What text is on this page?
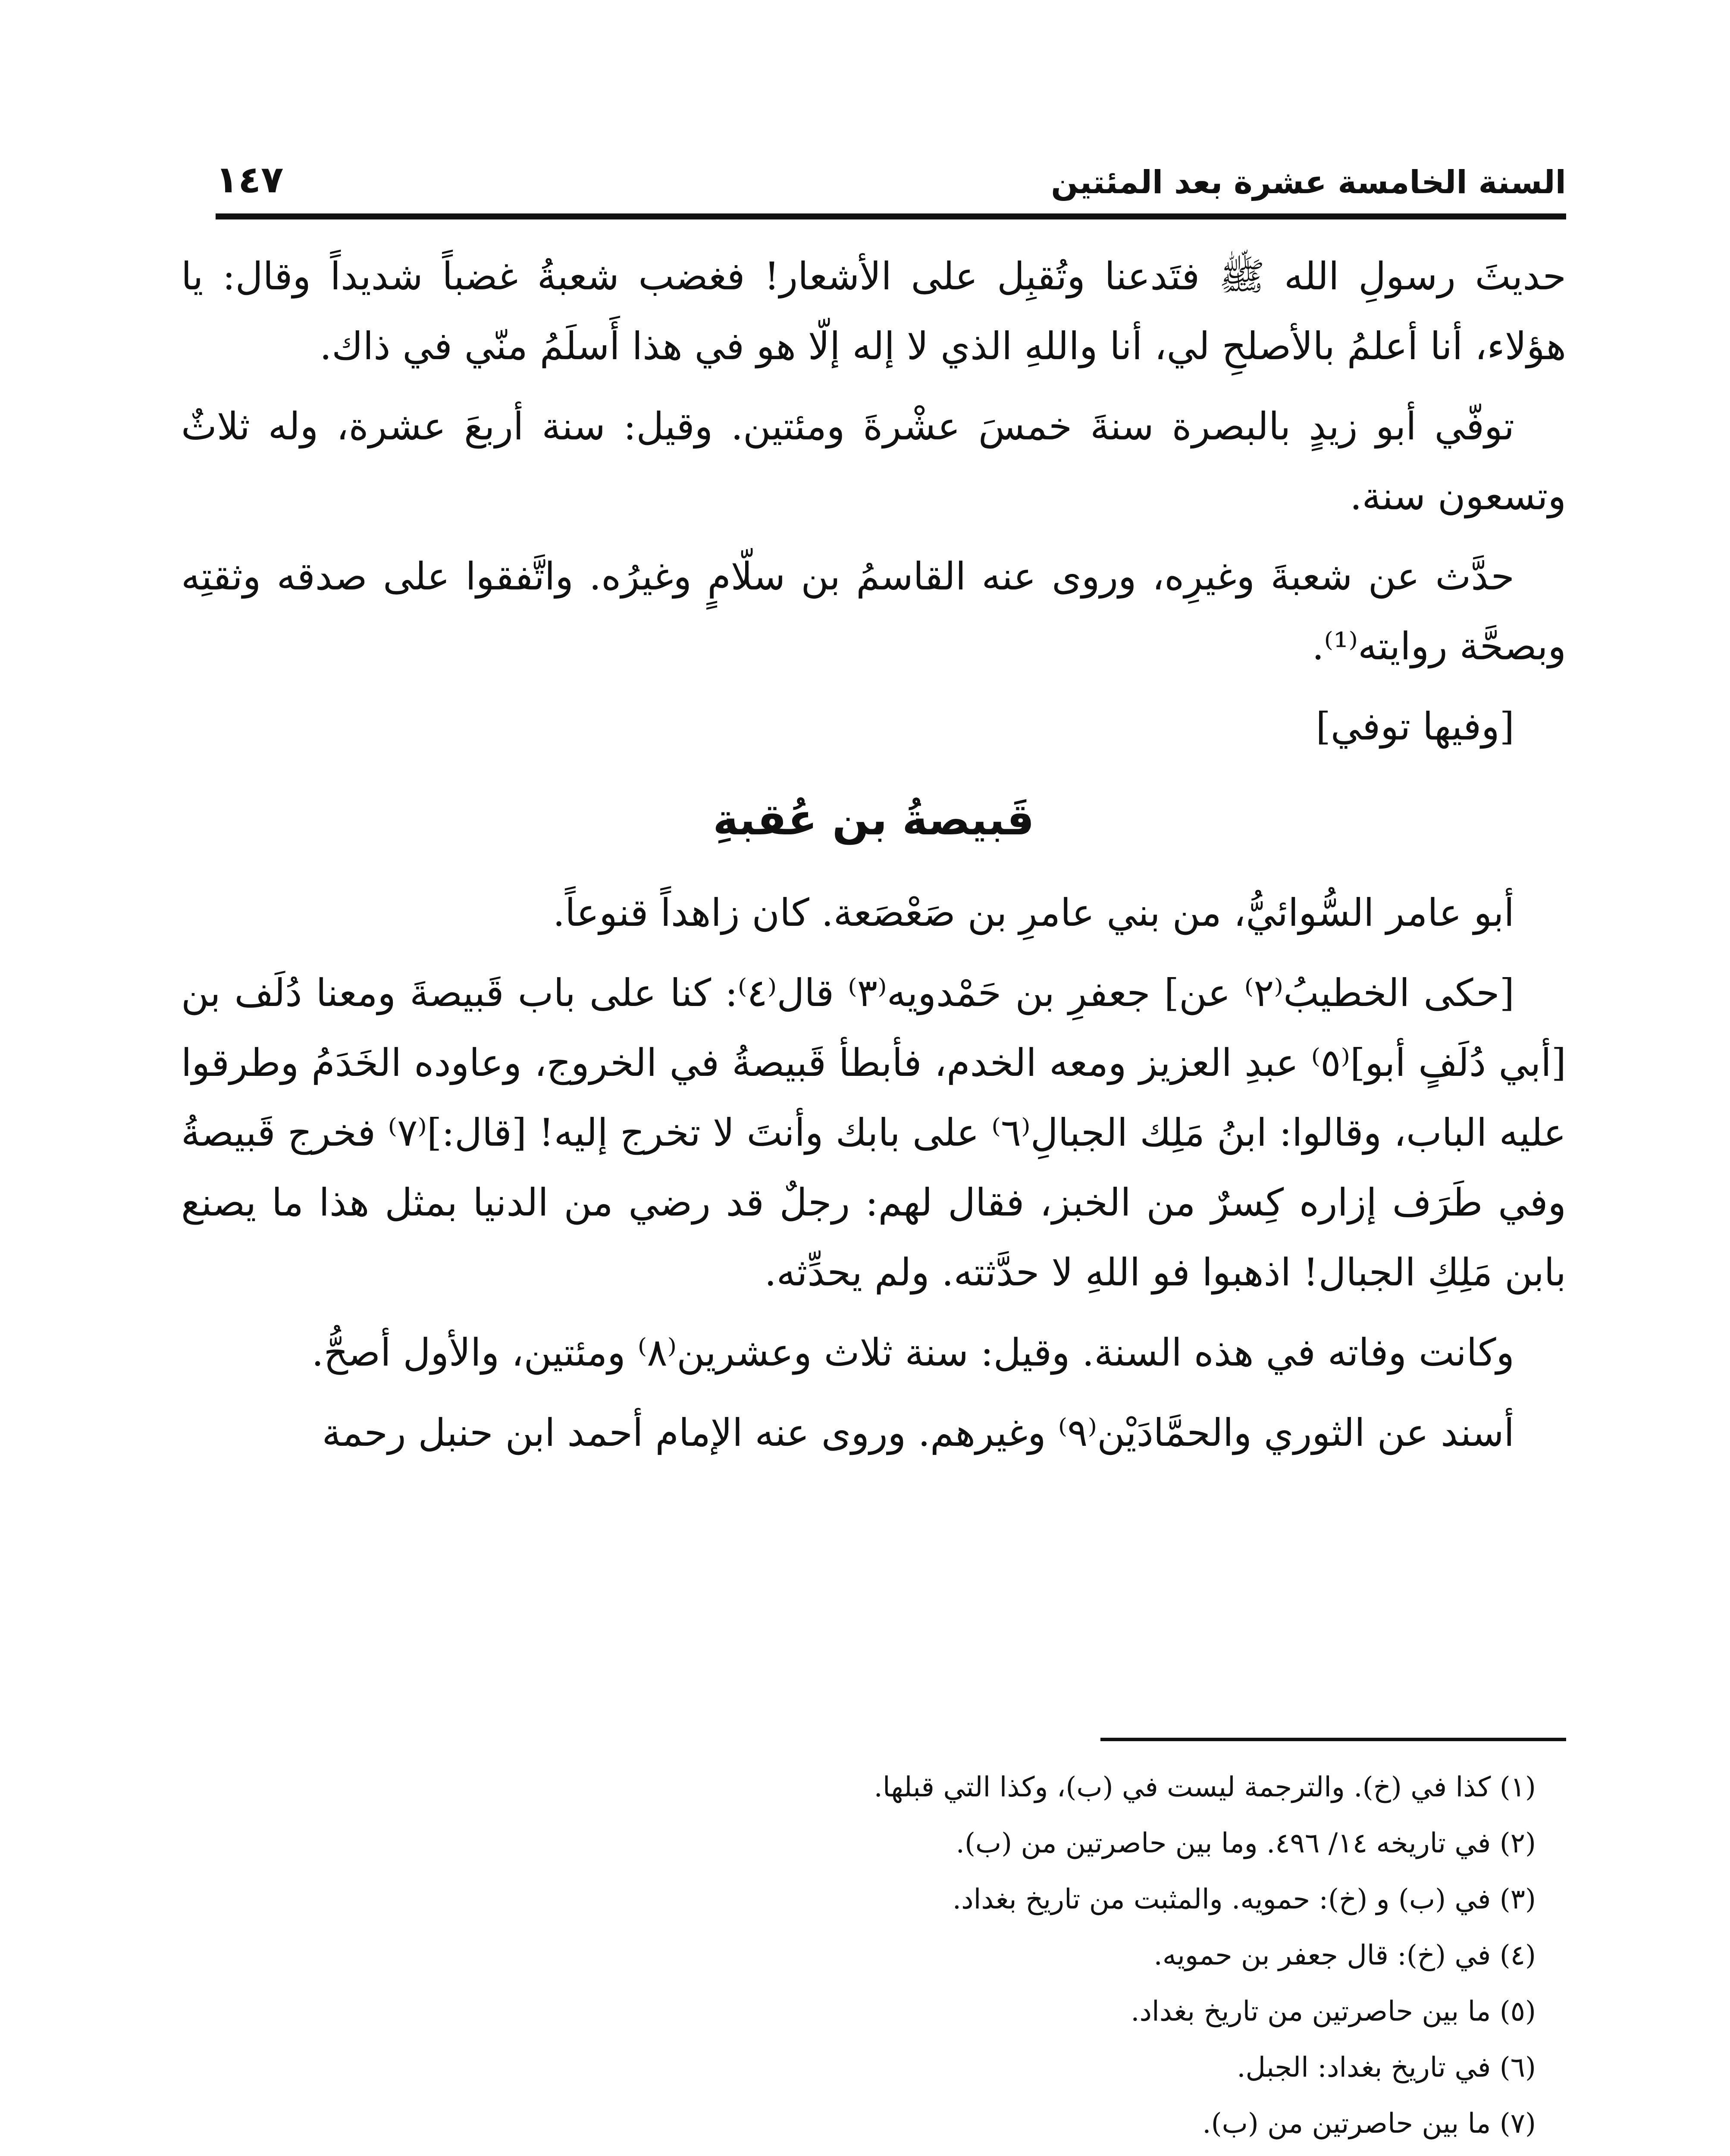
السنة الخامسة عشرة بعد المئتين
١٤٧

حديثَ رسولِ الله ﷺ فتَدعنا وتُقبِل على الأشعار! فغضب شعبةُ غضباً شديداً وقال: يا هؤلاء، أنا أعلمُ بالأصلحِ لي، أنا واللهِ الذي لا إله إلّا هو في هذا أَسلَمُ منّي في ذاك.

توفّي أبو زيدٍ بالبصرة سنةَ خمسَ عشْرةَ ومئتين. وقيل: سنة أربعَ عشرة، وله ثلاثٌ وتسعون سنة.

حدَّث عن شعبةَ وغيرِه، وروى عنه القاسمُ بن سلّامٍ وغيرُه. واتَّفقوا على صدقه وثقتِه وبصحَّة روايته⁽¹⁾.

[وفيها توفي]

قَبيصةُ بن عُقبةِ

أبو عامر السُّوائيُّ، من بني عامرِ بن صَعْصَعة. كان زاهداً قنوعاً.

[حكى الخطيبُ⁽٢⁾ عن] جعفرِ بن حَمْدويه⁽٣⁾ قال⁽٤⁾: كنا على باب قَبيصةَ ومعنا دُلَف بن [أبي دُلَفٍ أبو]⁽٥⁾ عبدِ العزيز ومعه الخدم، فأبطأ قَبيصةُ في الخروج، وعاوده الخَدَمُ وطرقوا عليه الباب، وقالوا: ابنُ مَلِك الجبالِ⁽٦⁾ على بابك وأنتَ لا تخرج إليه! [قال:]⁽٧⁾ فخرج قَبيصةُ وفي طَرَف إزاره كِسرٌ من الخبز، فقال لهم: رجلٌ قد رضي من الدنيا بمثل هذا ما يصنع بابن مَلِكِ الجبال! اذهبوا فو اللهِ لا حدَّثته. ولم يحدِّثه.

وكانت وفاته في هذه السنة. وقيل: سنة ثلاث وعشرين⁽٨⁾ ومئتين، والأول أصحُّ.

أسند عن الثوري والحمَّادَيْن⁽٩⁾ وغيرهم. وروى عنه الإمام أحمد ابن حنبل رحمة

(١) كذا في (خ). والترجمة ليست في (ب)، وكذا التي قبلها.

(٢) في تاريخه ١٤/ ٤٩٦. وما بين حاصرتين من (ب).

(٣) في (ب) و (خ): حمويه. والمثبت من تاريخ بغداد.

(٤) في (خ): قال جعفر بن حمويه.

(٥) ما بين حاصرتين من تاريخ بغداد.

(٦) في تاريخ بغداد: الجبل.

(٧) ما بين حاصرتين من (ب).
